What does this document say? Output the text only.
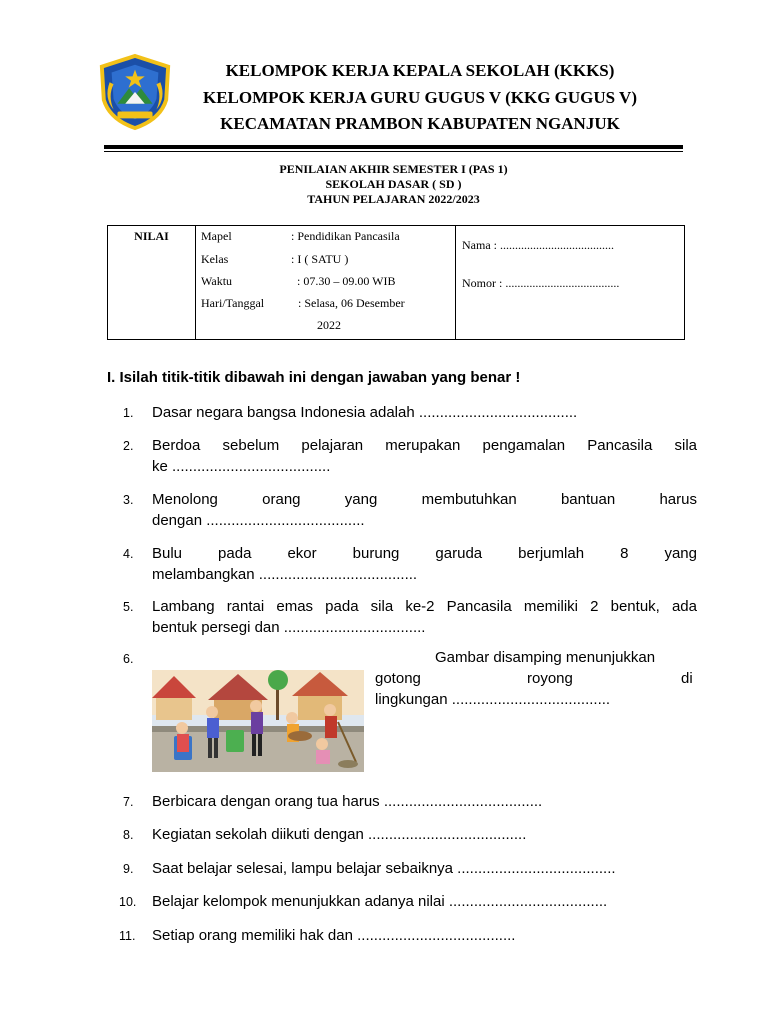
KELOMPOK KERJA KEPALA SEKOLAH (KKKS)
KELOMPOK KERJA GURU GUGUS V (KKG GUGUS V)
KECAMATAN PRAMBON KABUPATEN NGANJUK
PENILAIAN AKHIR SEMESTER I (PAS 1)
SEKOLAH DASAR ( SD )
TAHUN PELAJARAN 2022/2023
NILAI	Mapel	: Pendidikan Pancasila
Kelas	: I ( SATU )
Waktu	: 07.30 – 09.00 WIB
Hari/Tanggal	: Selasa, 06 Desember
2022
Nama : ......................................
Nomor : ......................................
I. Isilah titik-titik dibawah ini dengan jawaban yang benar !
1.	Dasar negara bangsa Indonesia adalah ......................................
2.	Berdoa sebelum pelajaran merupakan pengamalan Pancasila sila
ke ......................................
3.	Menolong orang yang membutuhkan bantuan harus
dengan ......................................
4.	Bulu pada ekor burung garuda berjumlah 8 yang
melambangkan ......................................
5.	Lambang rantai emas pada sila ke-2 Pancasila memiliki 2 bentuk, ada
bentuk persegi dan ..................................
6.	Gambar disamping menunjukkan
gotong	royong	di
lingkungan ......................................
7.	Berbicara dengan orang tua harus ......................................
8.	Kegiatan sekolah diikuti dengan ......................................
9.	Saat belajar selesai, lampu belajar sebaiknya ......................................
10.	Belajar kelompok menunjukkan adanya nilai ......................................
11.	Setiap orang memiliki hak dan ......................................
